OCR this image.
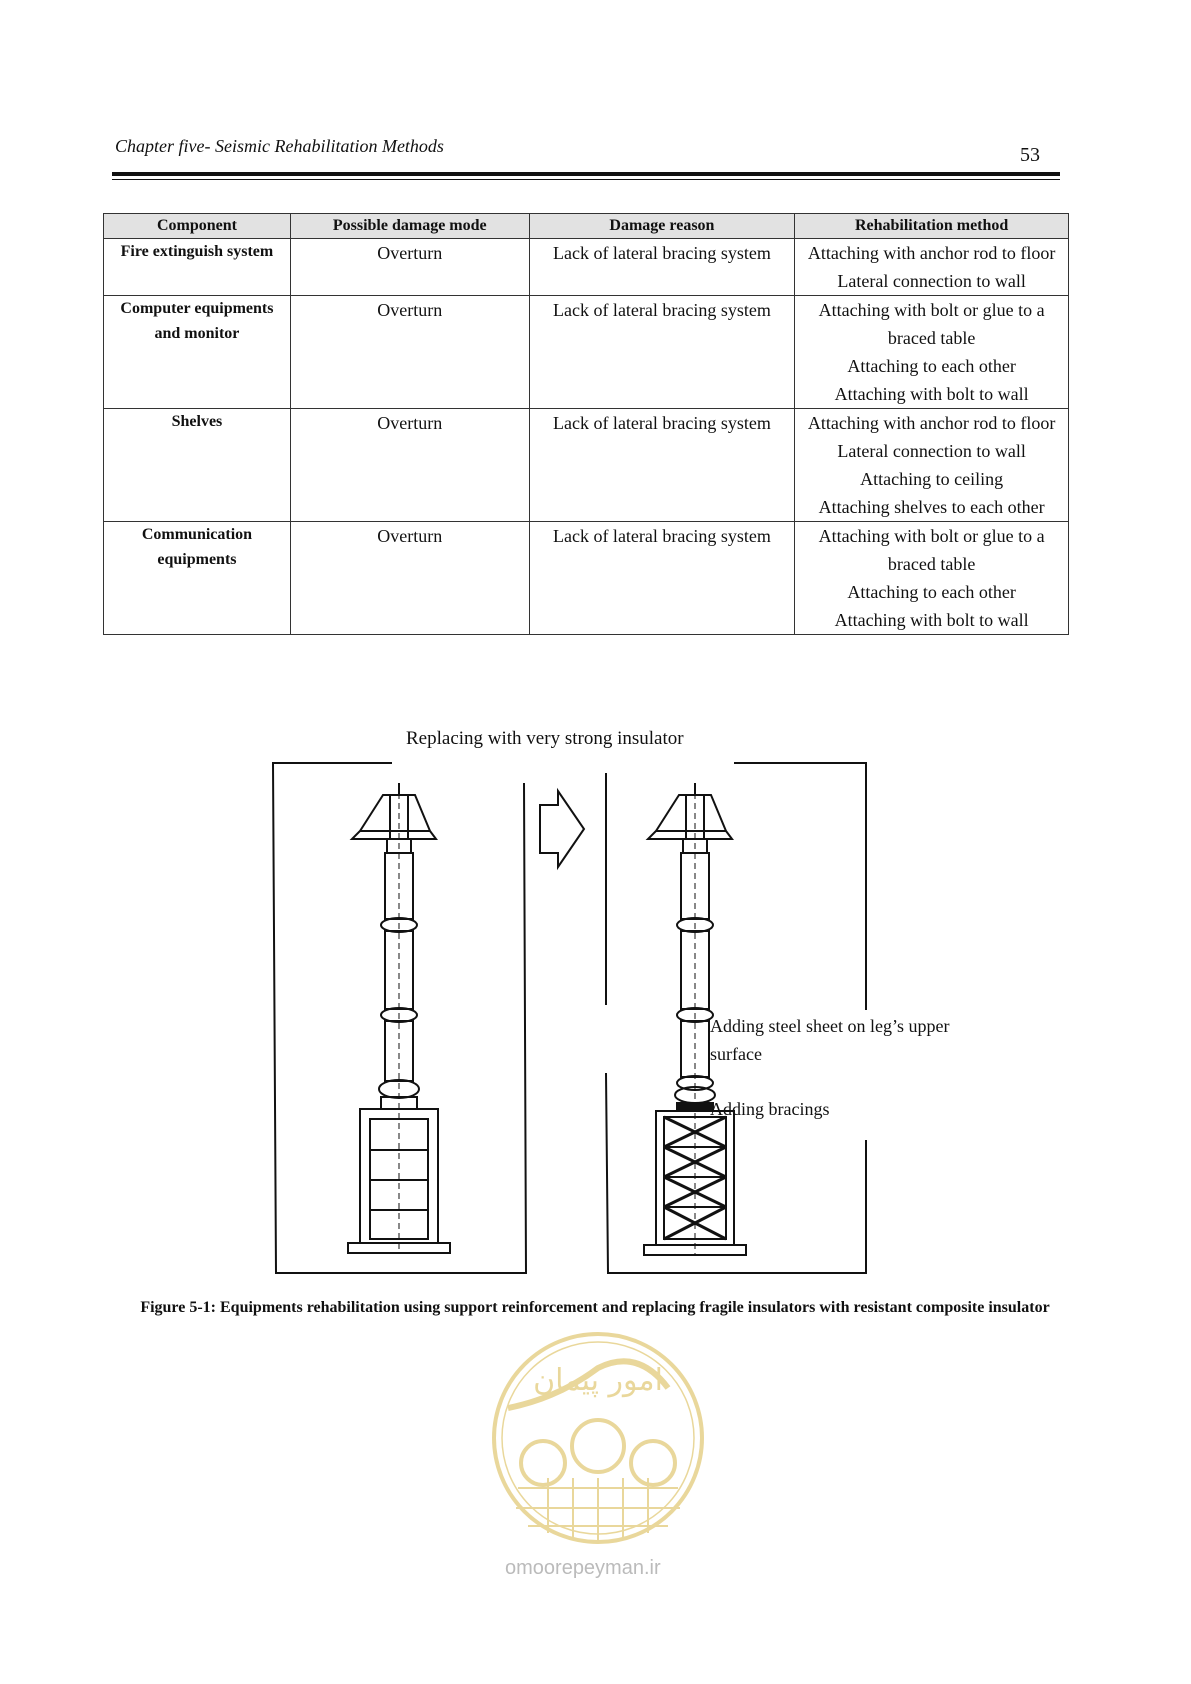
Chapter five- Seismic Rehabilitation Methods	53
Component	Possible damage mode	Damage reason	Rehabilitation method
Fire extinguish system	Overturn	Lack of lateral bracing system	Attaching with anchor rod to floor
Lateral connection to wall

Computer equipments and monitor	Overturn	Lack of lateral bracing system	Attaching with bolt or glue to a braced table
Attaching to each other
Attaching with bolt to wall

Shelves	Overturn	Lack of lateral bracing system	Attaching with anchor rod to floor
Lateral connection to wall
Attaching to ceiling
Attaching shelves to each other

Communication equipments	Overturn	Lack of lateral bracing system	Attaching with bolt or glue to a braced table
Attaching to each other
Attaching with bolt to wall
Replacing with very strong insulator
Adding steel sheet on leg’s upper surface
Adding bracings
Figure 5-1: Equipments rehabilitation using support reinforcement and replacing fragile insulators with resistant composite insulator
امور پیمان
omoorepeyman.ir
